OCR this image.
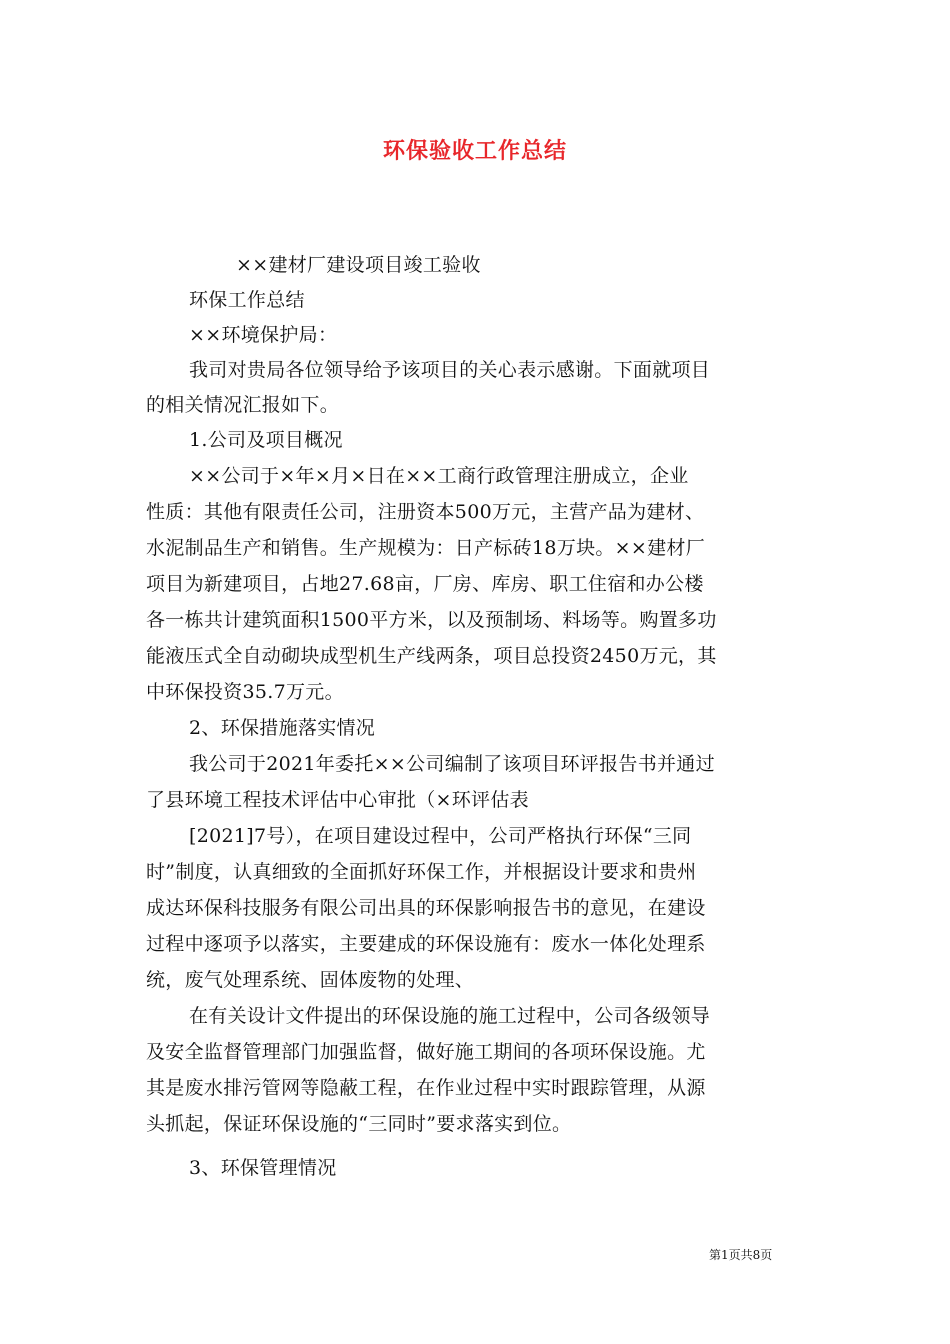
环保验收工作总结
××建材厂建设项目竣工验收
环保工作总结
××环境保护局：
我司对贵局各位领导给予该项目的关心表示感谢。下面就项目
的相关情况汇报如下。
1.公司及项目概况
××公司于×年×月×日在××工商行政管理注册成立，企业
性质：其他有限责任公司，注册资本500万元，主营产品为建材、
水泥制品生产和销售。生产规模为：日产标砖18万块。××建材厂
项目为新建项目，占地27.68亩，厂房、库房、职工住宿和办公楼
各一栋共计建筑面积1500平方米，以及预制场、料场等。购置多功
能液压式全自动砌块成型机生产线两条，项目总投资2450万元，其
中环保投资35.7万元。
2、环保措施落实情况
我公司于2021年委托××公司编制了该项目环评报告书并通过
了县环境工程技术评估中心审批（×环评估表
[2021]7号），在项目建设过程中，公司严格执行环保“三同
时”制度，认真细致的全面抓好环保工作，并根据设计要求和贵州
成达环保科技服务有限公司出具的环保影响报告书的意见，在建设
过程中逐项予以落实，主要建成的环保设施有：废水一体化处理系
统，废气处理系统、固体废物的处理、
在有关设计文件提出的环保设施的施工过程中，公司各级领导
及安全监督管理部门加强监督，做好施工期间的各项环保设施。尤
其是废水排污管网等隐蔽工程，在作业过程中实时跟踪管理，从源
头抓起，保证环保设施的“三同时”要求落实到位。
3、环保管理情况
第1页共8页
